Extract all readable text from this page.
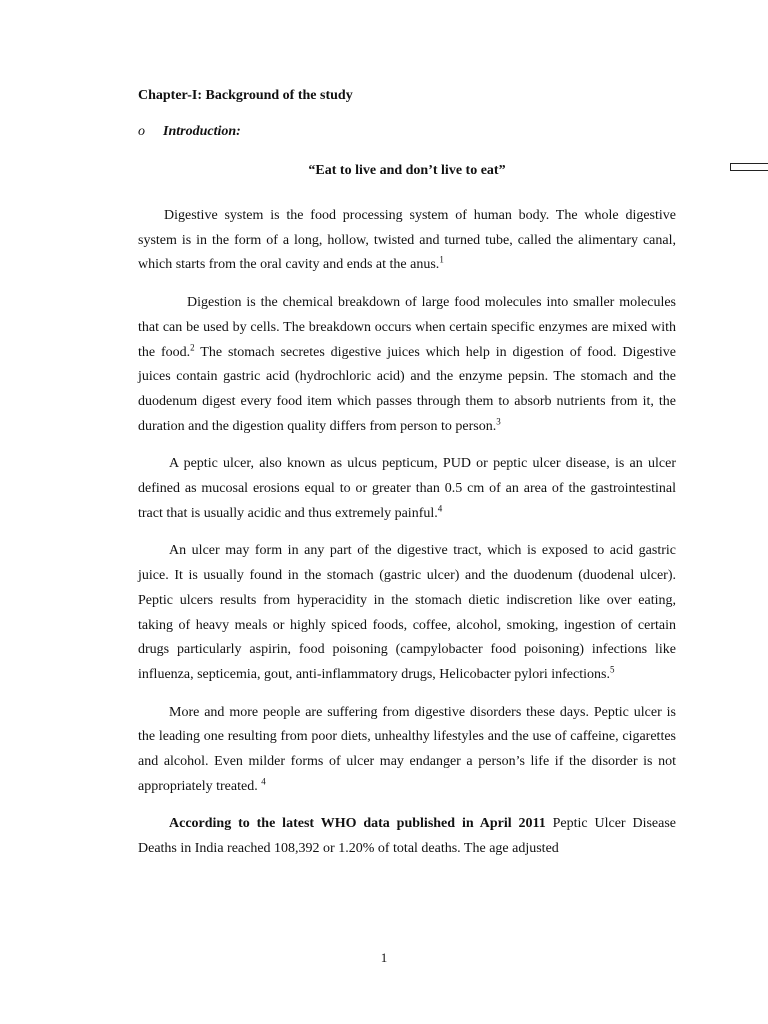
Chapter-I: Background of the study
o Introduction:
“Eat to live and don’t live to eat”

Digestive system is the food processing system of human body. The whole digestive system is in the form of a long, hollow, twisted and turned tube, called the alimentary canal, which starts from the oral cavity and ends at the anus.$^1$

Digestion is the chemical breakdown of large food molecules into smaller molecules that can be used by cells. The breakdown occurs when certain specific enzymes are mixed with the food.$^2$ The stomach secretes digestive juices which help in digestion of food. Digestive juices contain gastric acid (hydrochloric acid) and the enzyme pepsin. The stomach and the duodenum digest every food item which passes through them to absorb nutrients from it, the duration and the digestion quality differs from person to person.$^3$

A peptic ulcer, also known as ulcus pepticum, PUD or peptic ulcer disease, is an ulcer defined as mucosal erosions equal to or greater than 0.5 cm of an area of the gastrointestinal tract that is usually acidic and thus extremely painful.$^4$

An ulcer may form in any part of the digestive tract, which is exposed to acid gastric juice. It is usually found in the stomach (gastric ulcer) and the duodenum (duodenal ulcer). Peptic ulcers results from hyperacidity in the stomach dietic indiscretion like over eating, taking of heavy meals or highly spiced foods, coffee, alcohol, smoking, ingestion of certain drugs particularly aspirin, food poisoning (campylobacter food poisoning) infections like influenza, septicemia, gout, anti-inflammatory drugs, Helicobacter pylori infections.$^5$

More and more people are suffering from digestive disorders these days. Peptic ulcer is the leading one resulting from poor diets, unhealthy lifestyles and the use of caffeine, cigarettes and alcohol. Even milder forms of ulcer may endanger a person’s life if the disorder is not appropriately treated. $^4$

According to the latest WHO data published in April 2011 Peptic Ulcer Disease Deaths in India reached 108,392 or 1.20% of total deaths. The age adjusted

1
